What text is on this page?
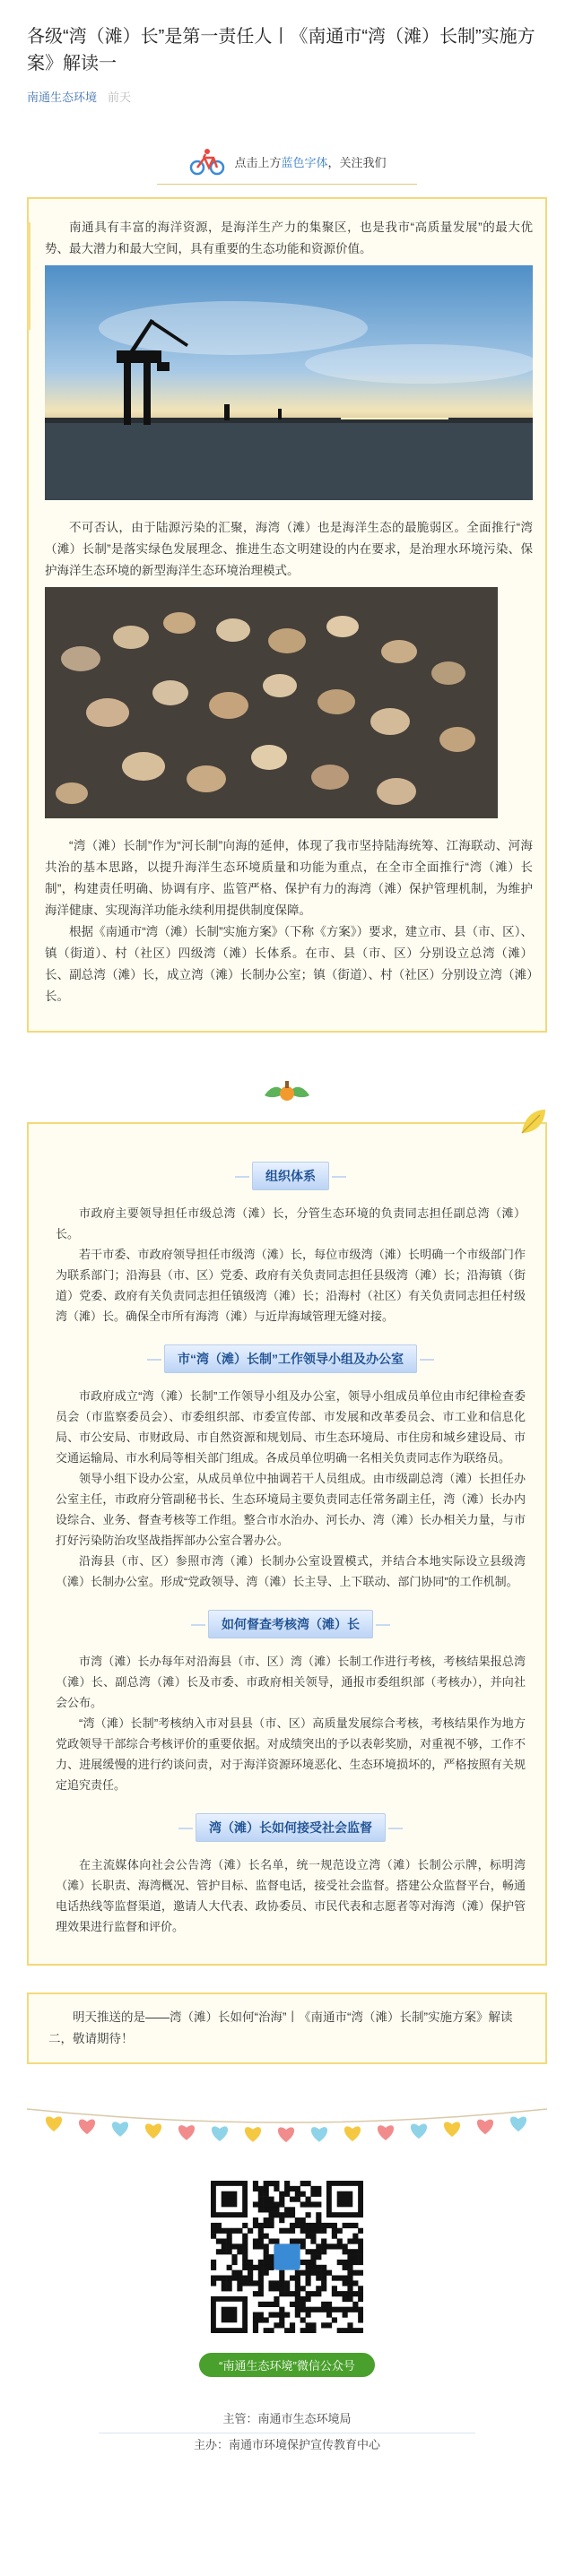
各级“湾（滩）长”是第一责任人丨《南通市“湾（滩）长制”实施方案》解读一
南通生态环境 前天
点击上方 蓝色字体 ，关注我们

南通具有丰富的海洋资源，是海洋生产力的集聚区，也是我市“高质量发展”的最大优势、最大潜力和最大空间，具有重要的生态功能和资源价值。

不可否认，由于陆源污染的汇聚，海湾（滩）也是海洋生态的最脆弱区。全面推行“湾（滩）长制”是落实绿色发展理念、推进生态文明建设的内在要求，是治理水环境污染、保护海洋生态环境的新型海洋生态环境治理模式。

“湾（滩）长制”作为“河长制”向海的延伸，体现了我市坚持陆海统筹、江海联动、河海共治的基本思路，以提升海洋生态环境质量和功能为重点，在全市全面推行“湾（滩）长制”，构建责任明确、协调有序、监管严格、保护有力的海湾（滩）保护管理机制，为维护海洋健康、实现海洋功能永续利用提供制度保障。

根据《南通市“湾（滩）长制”实施方案》（下称《方案》）要求，建立市、县（市、区）、镇（街道）、村（社区）四级湾（滩）长体系。在市、县（市、区）分别设立总湾（滩）长、副总湾（滩）长，成立湾（滩）长制办公室；镇（街道）、村（社区）分别设立湾（滩）长。

组织体系

市政府主要领导担任市级总湾（滩）长，分管生态环境的负责同志担任副总湾（滩）长。

若干市委、市政府领导担任市级湾（滩）长，每位市级湾（滩）长明确一个市级部门作为联系部门；沿海县（市、区）党委、政府有关负责同志担任县级湾（滩）长；沿海镇（街道）党委、政府有关负责同志担任镇级湾（滩）长；沿海村（社区）有关负责同志担任村级湾（滩）长。确保全市所有海湾（滩）与近岸海域管理无缝对接。

市“湾（滩）长制”工作领导小组及办公室

市政府成立“湾（滩）长制”工作领导小组及办公室，领导小组成员单位由市纪律检查委员会（市监察委员会）、市委组织部、市委宣传部、市发展和改革委员会、市工业和信息化局、市公安局、市财政局、市自然资源和规划局、市生态环境局、市住房和城乡建设局、市交通运输局、市水利局等相关部门组成。各成员单位明确一名相关负责同志作为联络员。

领导小组下设办公室，从成员单位中抽调若干人员组成。由市级副总湾（滩）长担任办公室主任，市政府分管副秘书长、生态环境局主要负责同志任常务副主任，湾（滩）长办内设综合、业务、督查考核等工作组。整合市水治办、河长办、湾（滩）长办相关力量，与市打好污染防治攻坚战指挥部办公室合署办公。

沿海县（市、区）参照市湾（滩）长制办公室设置模式，并结合本地实际设立县级湾（滩）长制办公室。形成“党政领导、湾（滩）长主导、上下联动、部门协同”的工作机制。

如何督查考核湾（滩）长

市湾（滩）长办每年对沿海县（市、区）湾（滩）长制工作进行考核，考核结果报总湾（滩）长、副总湾（滩）长及市委、市政府相关领导，通报市委组织部（考核办），并向社会公布。

“湾（滩）长制”考核纳入市对县县（市、区）高质量发展综合考核，考核结果作为地方党政领导干部综合考核评价的重要依据。对成绩突出的予以表彰奖励，对重视不够，工作不力、进展缓慢的进行约谈问责，对于海洋资源环境恶化、生态环境损坏的，严格按照有关规定追究责任。

湾（滩）长如何接受社会监督

在主流媒体向社会公告湾（滩）长名单，统一规范设立湾（滩）长制公示牌，标明湾（滩）长职责、海湾概况、管护目标、监督电话，接受社会监督。搭建公众监督平台，畅通电话热线等监督渠道，邀请人大代表、政协委员、市民代表和志愿者等对海湾（滩）保护管理效果进行监督和评价。

明天推送的是——湾（滩）长如何“治海”丨《南通市“湾（滩）长制”实施方案》解读二，敬请期待！
“南通生态环境”微信公众号
主管：南通市生态环境局
主办：南通市环境保护宣传教育中心
